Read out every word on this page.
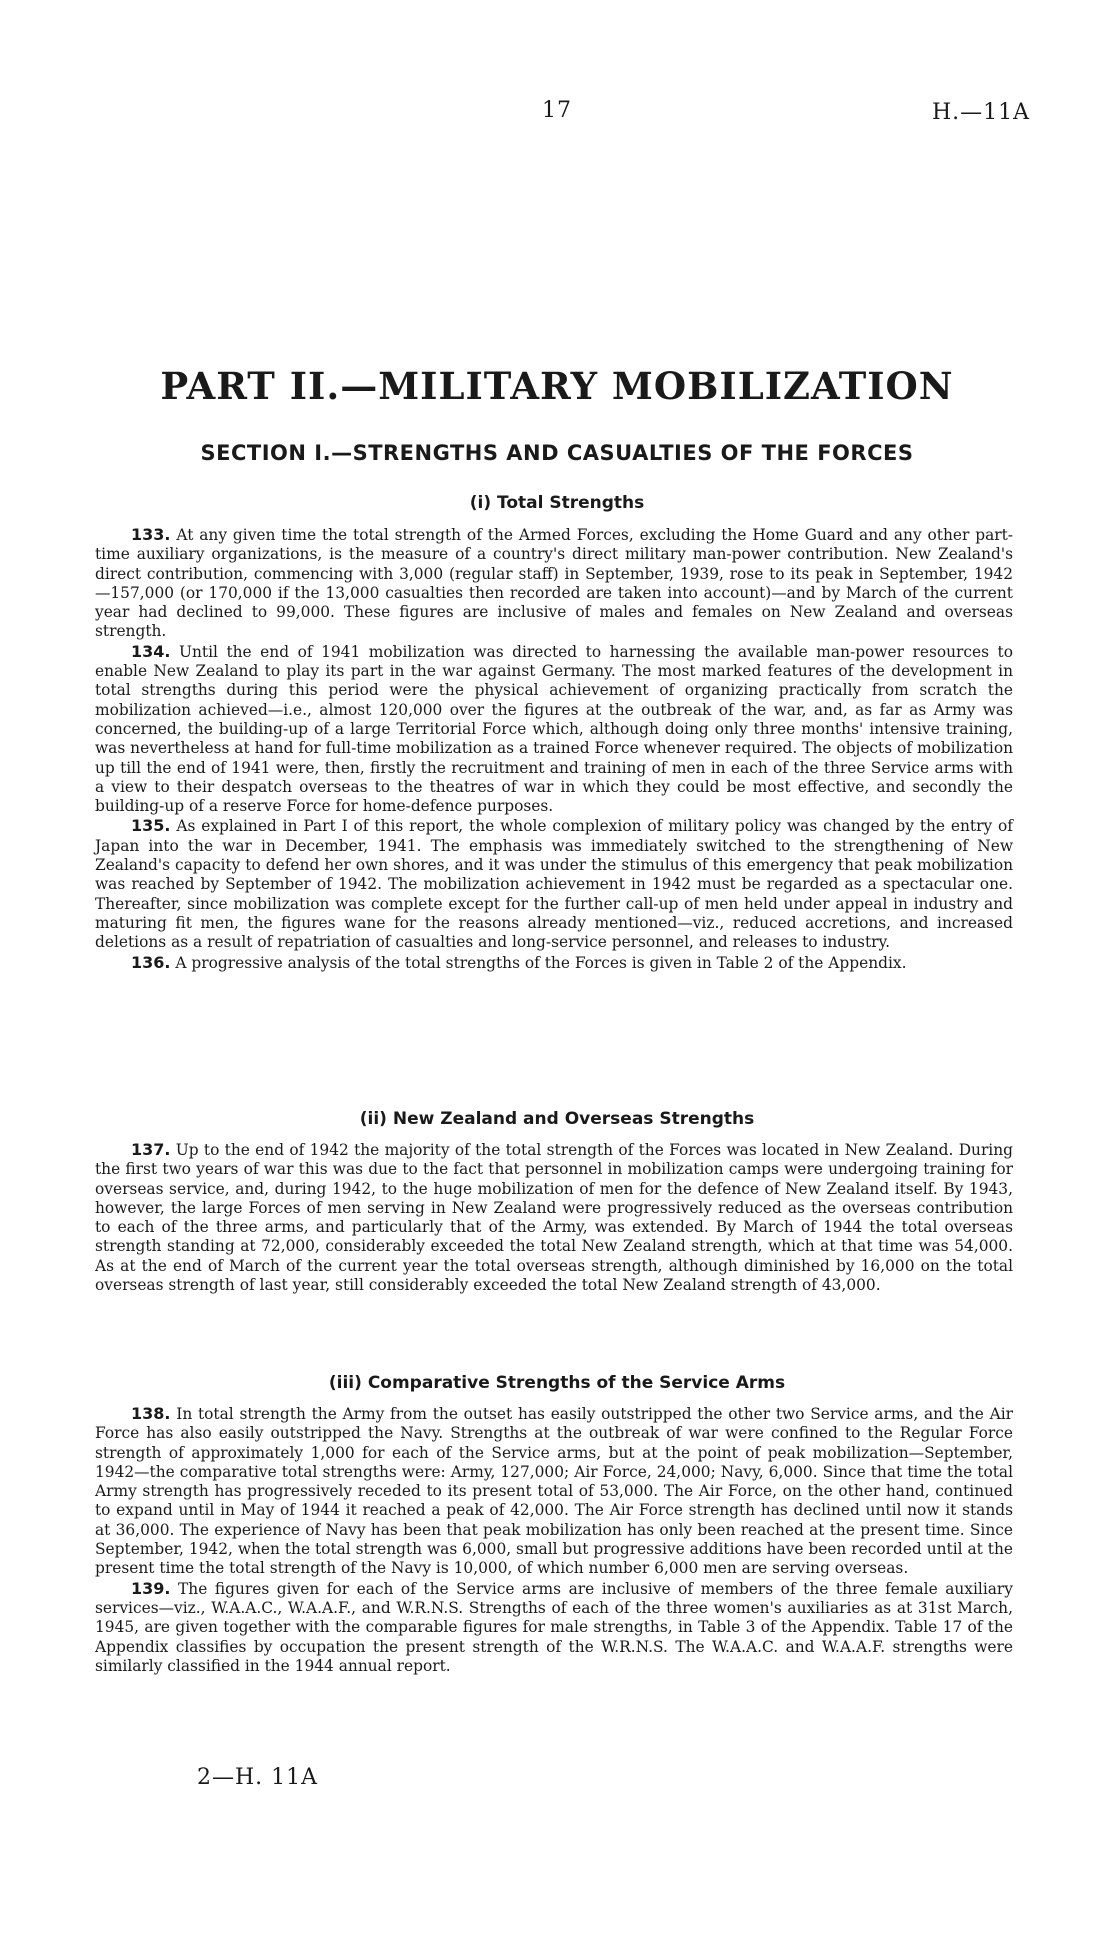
17	H.—11A
PART II.—MILITARY MOBILIZATION
SECTION I.—STRENGTHS AND CASUALTIES OF THE FORCES
(i) Total Strengths

133. At any given time the total strength of the Armed Forces, excluding the Home Guard and any other part-time auxiliary organizations, is the measure of a country's direct military man-power contribution. New Zealand's direct contribution, commencing with 3,000 (regular staff) in September, 1939, rose to its peak in September, 1942—157,000 (or 170,000 if the 13,000 casualties then recorded are taken into account)—and by March of the current year had declined to 99,000. These figures are inclusive of males and females on New Zealand and overseas strength.

134. Until the end of 1941 mobilization was directed to harnessing the available man-power resources to enable New Zealand to play its part in the war against Germany. The most marked features of the development in total strengths during this period were the physical achievement of organizing practically from scratch the mobilization achieved—i.e., almost 120,000 over the figures at the outbreak of the war, and, as far as Army was concerned, the building-up of a large Territorial Force which, although doing only three months' intensive training, was nevertheless at hand for full-time mobilization as a trained Force whenever required. The objects of mobilization up till the end of 1941 were, then, firstly the recruitment and training of men in each of the three Service arms with a view to their despatch overseas to the theatres of war in which they could be most effective, and secondly the building-up of a reserve Force for home-defence purposes.

135. As explained in Part I of this report, the whole complexion of military policy was changed by the entry of Japan into the war in December, 1941. The emphasis was immediately switched to the strengthening of New Zealand's capacity to defend her own shores, and it was under the stimulus of this emergency that peak mobilization was reached by September of 1942. The mobilization achievement in 1942 must be regarded as a spectacular one. Thereafter, since mobilization was complete except for the further call-up of men held under appeal in industry and maturing fit men, the figures wane for the reasons already mentioned—viz., reduced accretions, and increased deletions as a result of repatriation of casualties and long-service personnel, and releases to industry.

136. A progressive analysis of the total strengths of the Forces is given in Table 2 of the Appendix.

(ii) New Zealand and Overseas Strengths

137. Up to the end of 1942 the majority of the total strength of the Forces was located in New Zealand. During the first two years of war this was due to the fact that personnel in mobilization camps were undergoing training for overseas service, and, during 1942, to the huge mobilization of men for the defence of New Zealand itself. By 1943, however, the large Forces of men serving in New Zealand were progressively reduced as the overseas contribution to each of the three arms, and particularly that of the Army, was extended. By March of 1944 the total overseas strength standing at 72,000, considerably exceeded the total New Zealand strength, which at that time was 54,000. As at the end of March of the current year the total overseas strength, although diminished by 16,000 on the total overseas strength of last year, still considerably exceeded the total New Zealand strength of 43,000.

(iii) Comparative Strengths of the Service Arms

138. In total strength the Army from the outset has easily outstripped the other two Service arms, and the Air Force has also easily outstripped the Navy. Strengths at the outbreak of war were confined to the Regular Force strength of approximately 1,000 for each of the Service arms, but at the point of peak mobilization—September, 1942—the comparative total strengths were: Army, 127,000; Air Force, 24,000; Navy, 6,000. Since that time the total Army strength has progressively receded to its present total of 53,000. The Air Force, on the other hand, continued to expand until in May of 1944 it reached a peak of 42,000. The Air Force strength has declined until now it stands at 36,000. The experience of Navy has been that peak mobilization has only been reached at the present time. Since September, 1942, when the total strength was 6,000, small but progressive additions have been recorded until at the present time the total strength of the Navy is 10,000, of which number 6,000 men are serving overseas.

139. The figures given for each of the Service arms are inclusive of members of the three female auxiliary services—viz., W.A.A.C., W.A.A.F., and W.R.N.S. Strengths of each of the three women's auxiliaries as at 31st March, 1945, are given together with the comparable figures for male strengths, in Table 3 of the Appendix. Table 17 of the Appendix classifies by occupation the present strength of the W.R.N.S. The W.A.A.C. and W.A.A.F. strengths were similarly classified in the 1944 annual report.

2—H. 11A
